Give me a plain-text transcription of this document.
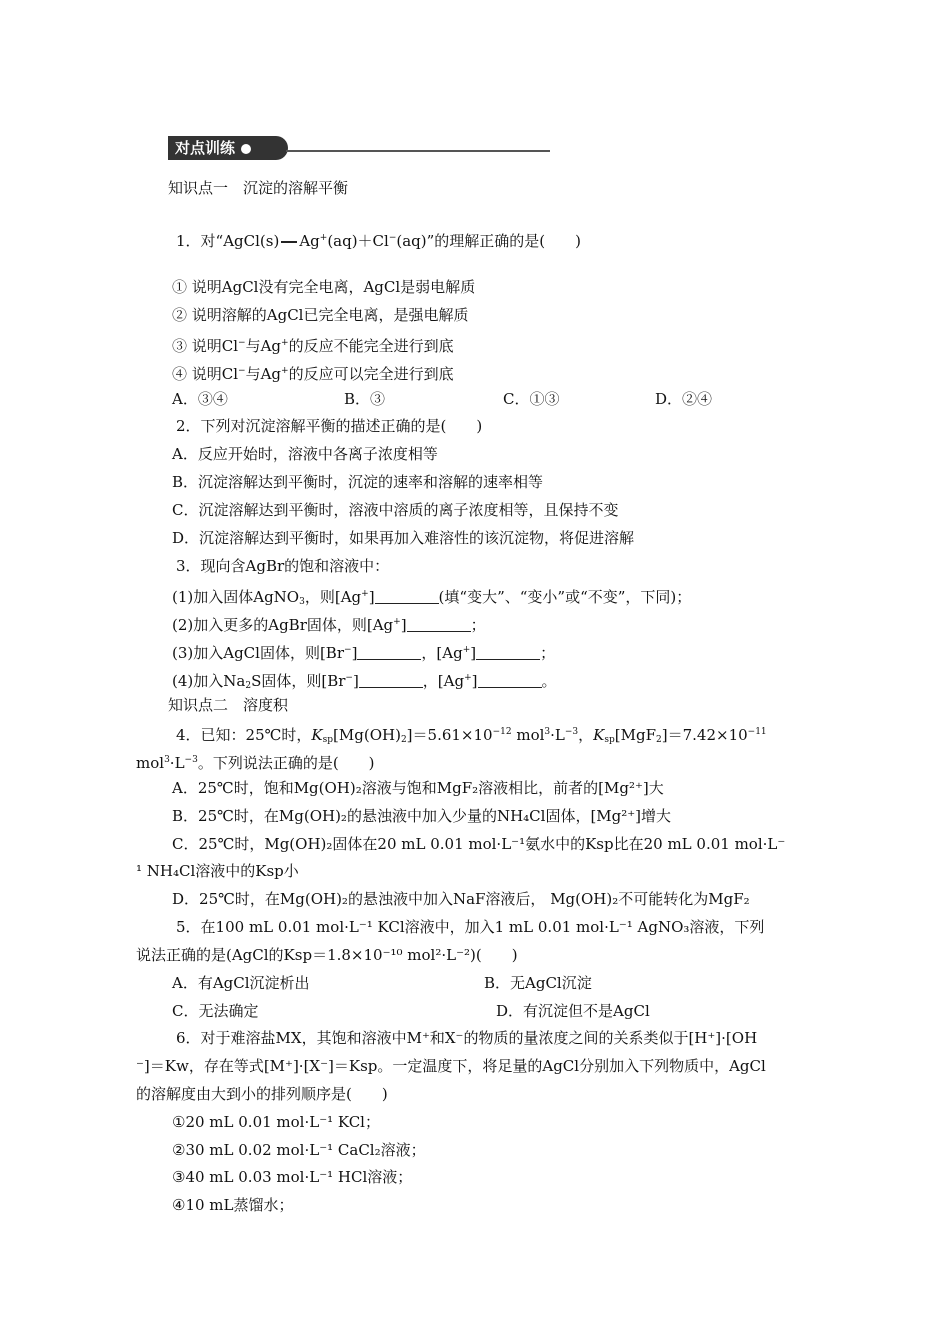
对点训练
知识点一　沉淀的溶解平衡
1．对“AgCl(s) Ag+(aq)＋Cl−(aq)”的理解正确的是(　　)
① 说明AgCl没有完全电离，AgCl是弱电解质
② 说明溶解的AgCl已完全电离，是强电解质
③ 说明Cl−与Ag+的反应不能完全进行到底
④ 说明Cl−与Ag+的反应可以完全进行到底
A．③④	B．③	C．①③	D．②④
2．下列对沉淀溶解平衡的描述正确的是(　　)
A．反应开始时，溶液中各离子浓度相等
B．沉淀溶解达到平衡时，沉淀的速率和溶解的速率相等
C．沉淀溶解达到平衡时，溶液中溶质的离子浓度相等，且保持不变
D．沉淀溶解达到平衡时，如果再加入难溶性的该沉淀物，将促进溶解
3．现向含AgBr的饱和溶液中：
(1)加入固体AgNO$_3$，则[Ag+]	(填“变大”、“变小”或“不变”，下同)；
(2)加入更多的AgBr固体，则[Ag+]	；
(3)加入AgCl固体，则[Br−]	，[Ag+]	；
(4)加入$Na_2S$固体，则[Br−]	，[Ag+]	。
知识点二　溶度积
4．已知：25℃时，$K_{sp}[Mg(OH)_2]=5.61\times 10^{-12}$ $mol^3\cdot L^{-3}$，$K_{sp}[MgF_2]=7.42\times 10^{-11}$
$mol^3\cdot L^{-3}$。下列说法正确的是(　　)
A．25℃时，饱和Mg(OH)₂溶液与饱和MgF₂溶液相比，前者的[Mg²⁺]大
B．25℃时，在Mg(OH)₂的悬浊液中加入少量的NH₄Cl固体，[Mg²⁺]增大
C．25℃时，Mg(OH)₂固体在20 mL 0.01 mol·L⁻¹氨水中的Ksp比在20 mL 0.01 mol·L⁻
¹ NH₄Cl溶液中的Ksp小
D．25℃时，在Mg(OH)₂的悬浊液中加入NaF溶液后， Mg(OH)₂不可能转化为MgF₂
5．在100 mL 0.01 mol·L⁻¹ KCl溶液中，加入1 mL 0.01 mol·L⁻¹ AgNO₃溶液，下列
说法正确的是(AgCl的Ksp＝1.8×10⁻¹⁰ mol²·L⁻²)(　　)
A．有AgCl沉淀析出	B．无AgCl沉淀
C．无法确定	D．有沉淀但不是AgCl
6．对于难溶盐MX，其饱和溶液中M⁺和X⁻的物质的量浓度之间的关系类似于[H⁺]·[OH
⁻]＝Kw，存在等式[M⁺]·[X⁻]＝Ksp。一定温度下，将足量的AgCl分别加入下列物质中，AgCl
的溶解度由大到小的排列顺序是(　　)
①20 mL 0.01 mol·L⁻¹ KCl；
②30 mL 0.02 mol·L⁻¹ CaCl₂溶液；
③40 mL 0.03 mol·L⁻¹ HCl溶液；
④10 mL蒸馏水；
